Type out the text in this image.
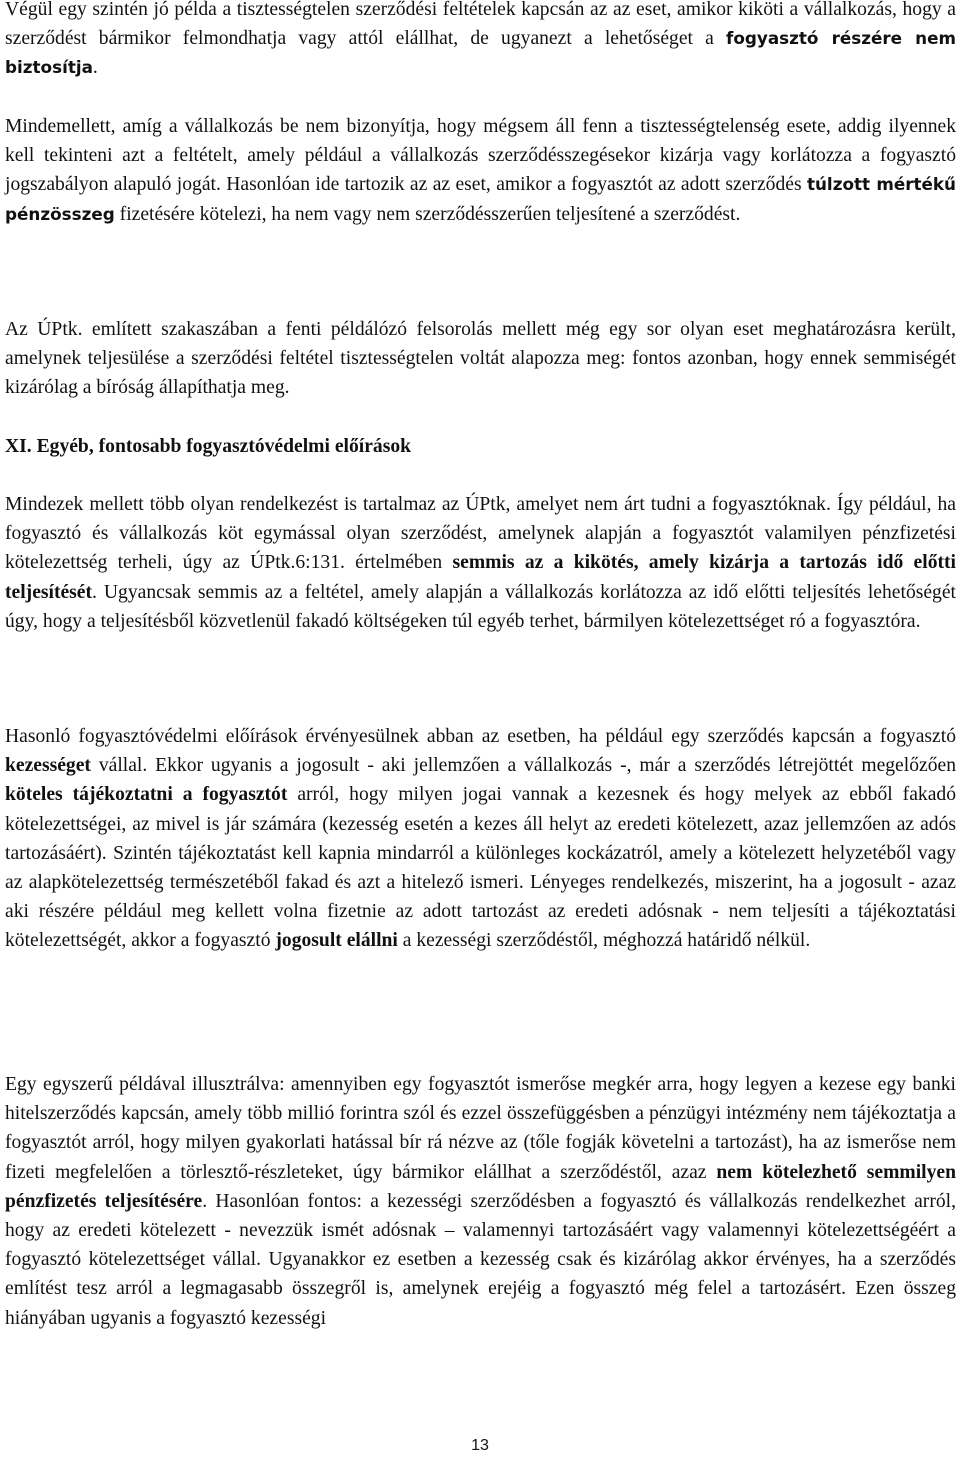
Végül egy szintén jó példa a tisztességtelen szerződési feltételek kapcsán az az eset, amikor kiköti a vállalkozás, hogy a szerződést bármikor felmondhatja vagy attól elállhat, de ugyanezt a lehetőséget a fogyasztó részére nem biztosítja.

Mindemellett, amíg a vállalkozás be nem bizonyítja, hogy mégsem áll fenn a tisztességtelenség esete, addig ilyennek kell tekinteni azt a feltételt, amely például a vállalkozás szerződésszegésekor kizárja vagy korlátozza a fogyasztó jogszabályon alapuló jogát. Hasonlóan ide tartozik az az eset, amikor a fogyasztót az adott szerződés túlzott mértékű pénzösszeg fizetésére kötelezi, ha nem vagy nem szerződésszerűen teljesítené a szerződést.

Az ÚPtk. említett szakaszában a fenti példálózó felsorolás mellett még egy sor olyan eset meghatározásra került, amelynek teljesülése a szerződési feltétel tisztességtelen voltát alapozza meg: fontos azonban, hogy ennek semmiségét kizárólag a bíróság állapíthatja meg.

XI. Egyéb, fontosabb fogyasztóvédelmi előírások

Mindezek mellett több olyan rendelkezést is tartalmaz az ÚPtk, amelyet nem árt tudni a fogyasztóknak. Így például, ha fogyasztó és vállalkozás köt egymással olyan szerződést, amelynek alapján a fogyasztót valamilyen pénzfizetési kötelezettség terheli, úgy az ÚPtk.6:131. értelmében semmis az a kikötés, amely kizárja a tartozás idő előtti teljesítését. Ugyancsak semmis az a feltétel, amely alapján a vállalkozás korlátozza az idő előtti teljesítés lehetőségét úgy, hogy a teljesítésből közvetlenül fakadó költségeken túl egyéb terhet, bármilyen kötelezettséget ró a fogyasztóra.

Hasonló fogyasztóvédelmi előírások érvényesülnek abban az esetben, ha például egy szerződés kapcsán a fogyasztó kezességet vállal. Ekkor ugyanis a jogosult - aki jellemzően a vállalkozás -, már a szerződés létrejöttét megelőzően köteles tájékoztatni a fogyasztót arról, hogy milyen jogai vannak a kezesnek és hogy melyek az ebből fakadó kötelezettségei, az mivel is jár számára (kezesség esetén a kezes áll helyt az eredeti kötelezett, azaz jellemzően az adós tartozásáért). Szintén tájékoztatást kell kapnia mindarról a különleges kockázatról, amely a kötelezett helyzetéből vagy az alapkötelezettség természetéből fakad és azt a hitelező ismeri. Lényeges rendelkezés, miszerint, ha a jogosult - azaz aki részére például meg kellett volna fizetnie az adott tartozást az eredeti adósnak - nem teljesíti a tájékoztatási kötelezettségét, akkor a fogyasztó jogosult elállni a kezességi szerződéstől, méghozzá határidő nélkül.

Egy egyszerű példával illusztrálva: amennyiben egy fogyasztót ismerőse megkér arra, hogy legyen a kezese egy banki hitelszerződés kapcsán, amely több millió forintra szól és ezzel összefüggésben a pénzügyi intézmény nem tájékoztatja a fogyasztót arról, hogy milyen gyakorlati hatással bír rá nézve az (tőle fogják követelni a tartozást), ha az ismerőse nem fizeti megfelelően a törlesztő-részleteket, úgy bármikor elállhat a szerződéstől, azaz nem kötelezhető semmilyen pénzfizetés teljesítésére. Hasonlóan fontos: a kezességi szerződésben a fogyasztó és vállalkozás rendelkezhet arról, hogy az eredeti kötelezett - nevezzük ismét adósnak – valamennyi tartozásáért vagy valamennyi kötelezettségéért a fogyasztó kötelezettséget vállal. Ugyanakkor ez esetben a kezesség csak és kizárólag akkor érvényes, ha a szerződés említést tesz arról a legmagasabb összegről is, amelynek erejéig a fogyasztó még felel a tartozásért. Ezen összeg hiányában ugyanis a fogyasztó kezességi

13
